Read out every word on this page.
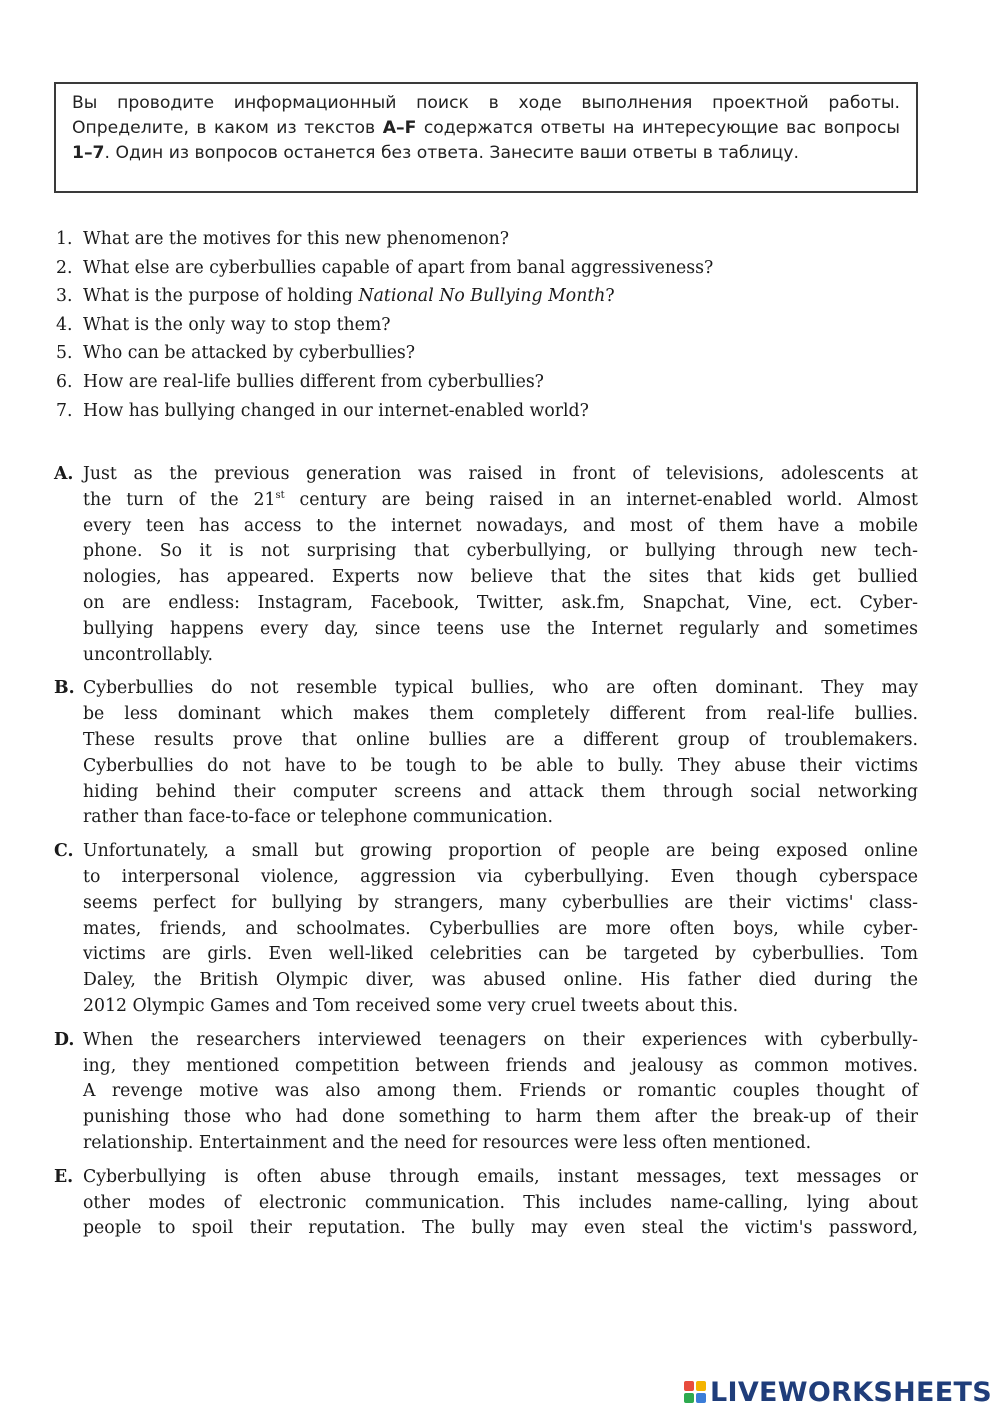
Вы проводите информационный поиск в ходе выполнения проектной работы. Определите, в каком из текстов A–F содержатся ответы на интересующие вас вопросы 1–7. Один из вопросов останется без ответа. Занесите ваши ответы в таблицу.
1. What are the motives for this new phenomenon?
2. What else are cyberbullies capable of apart from banal aggressiveness?
3. What is the purpose of holding National No Bullying Month?
4. What is the only way to stop them?
5. Who can be attacked by cyberbullies?
6. How are real-life bullies different from cyberbullies?
7. How has bullying changed in our internet-enabled world?
A. Just as the previous generation was raised in front of televisions, adolescents at
the turn of the 21st century are being raised in an internet-enabled world. Almost
every teen has access to the internet nowadays, and most of them have a mobile
phone. So it is not surprising that cyberbullying, or bullying through new tech-
nologies, has appeared. Experts now believe that the sites that kids get bullied
on are endless: Instagram, Facebook, Twitter, ask.fm, Snapchat, Vine, ect. Cyber-
bullying happens every day, since teens use the Internet regularly and sometimes
uncontrollably.
B. Cyberbullies do not resemble typical bullies, who are often dominant. They may
be less dominant which makes them completely different from real-life bullies.
These results prove that online bullies are a different group of troublemakers.
Cyberbullies do not have to be tough to be able to bully. They abuse their victims
hiding behind their computer screens and attack them through social networking
rather than face-to-face or telephone communication.
C. Unfortunately, a small but growing proportion of people are being exposed online
to interpersonal violence, aggression via cyberbullying. Even though cyberspace
seems perfect for bullying by strangers, many cyberbullies are their victims' class-
mates, friends, and schoolmates. Cyberbullies are more often boys, while cyber-
victims are girls. Even well-liked celebrities can be targeted by cyberbullies. Tom
Daley, the British Olympic diver, was abused online. His father died during the
2012 Olympic Games and Tom received some very cruel tweets about this.
D. When the researchers interviewed teenagers on their experiences with cyberbully-
ing, they mentioned competition between friends and jealousy as common motives.
A revenge motive was also among them. Friends or romantic couples thought of
punishing those who had done something to harm them after the break-up of their
relationship. Entertainment and the need for resources were less often mentioned.
E. Cyberbullying is often abuse through emails, instant messages, text messages or
other modes of electronic communication. This includes name-calling, lying about
people to spoil their reputation. The bully may even steal the victim's password,
LIVEWORKSHEETS
